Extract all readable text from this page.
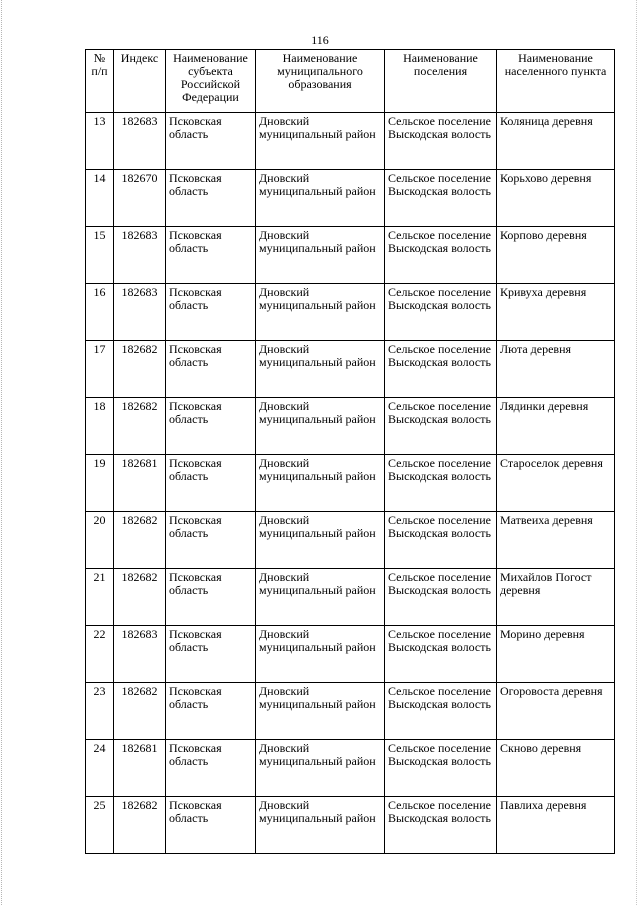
116
№ п/п	Индекс	Наименование субъекта Российской Федерации	Наименование муниципального образования	Наименование поселения	Наименование населенного пункта
13	182683	Псковская область	Дновский муниципальный район	Сельское поселение Выскодская волость	Коляница деревня
14	182670	Псковская область	Дновский муниципальный район	Сельское поселение Выскодская волость	Корьхово деревня
15	182683	Псковская область	Дновский муниципальный район	Сельское поселение Выскодская волость	Корпово деревня
16	182683	Псковская область	Дновский муниципальный район	Сельское поселение Выскодская волость	Кривуха деревня
17	182682	Псковская область	Дновский муниципальный район	Сельское поселение Выскодская волость	Люта деревня
18	182682	Псковская область	Дновский муниципальный район	Сельское поселение Выскодская волость	Лядинки деревня
19	182681	Псковская область	Дновский муниципальный район	Сельское поселение Выскодская волость	Староселок деревня
20	182682	Псковская область	Дновский муниципальный район	Сельское поселение Выскодская волость	Матвеиха деревня
21	182682	Псковская область	Дновский муниципальный район	Сельское поселение Выскодская волость	Михайлов Погост деревня
22	182683	Псковская область	Дновский муниципальный район	Сельское поселение Выскодская волость	Морино деревня
23	182682	Псковская область	Дновский муниципальный район	Сельское поселение Выскодская волость	Огоровоста деревня
24	182681	Псковская область	Дновский муниципальный район	Сельское поселение Выскодская волость	Скново деревня
25	182682	Псковская область	Дновский муниципальный район	Сельское поселение Выскодская волость	Павлиха деревня
